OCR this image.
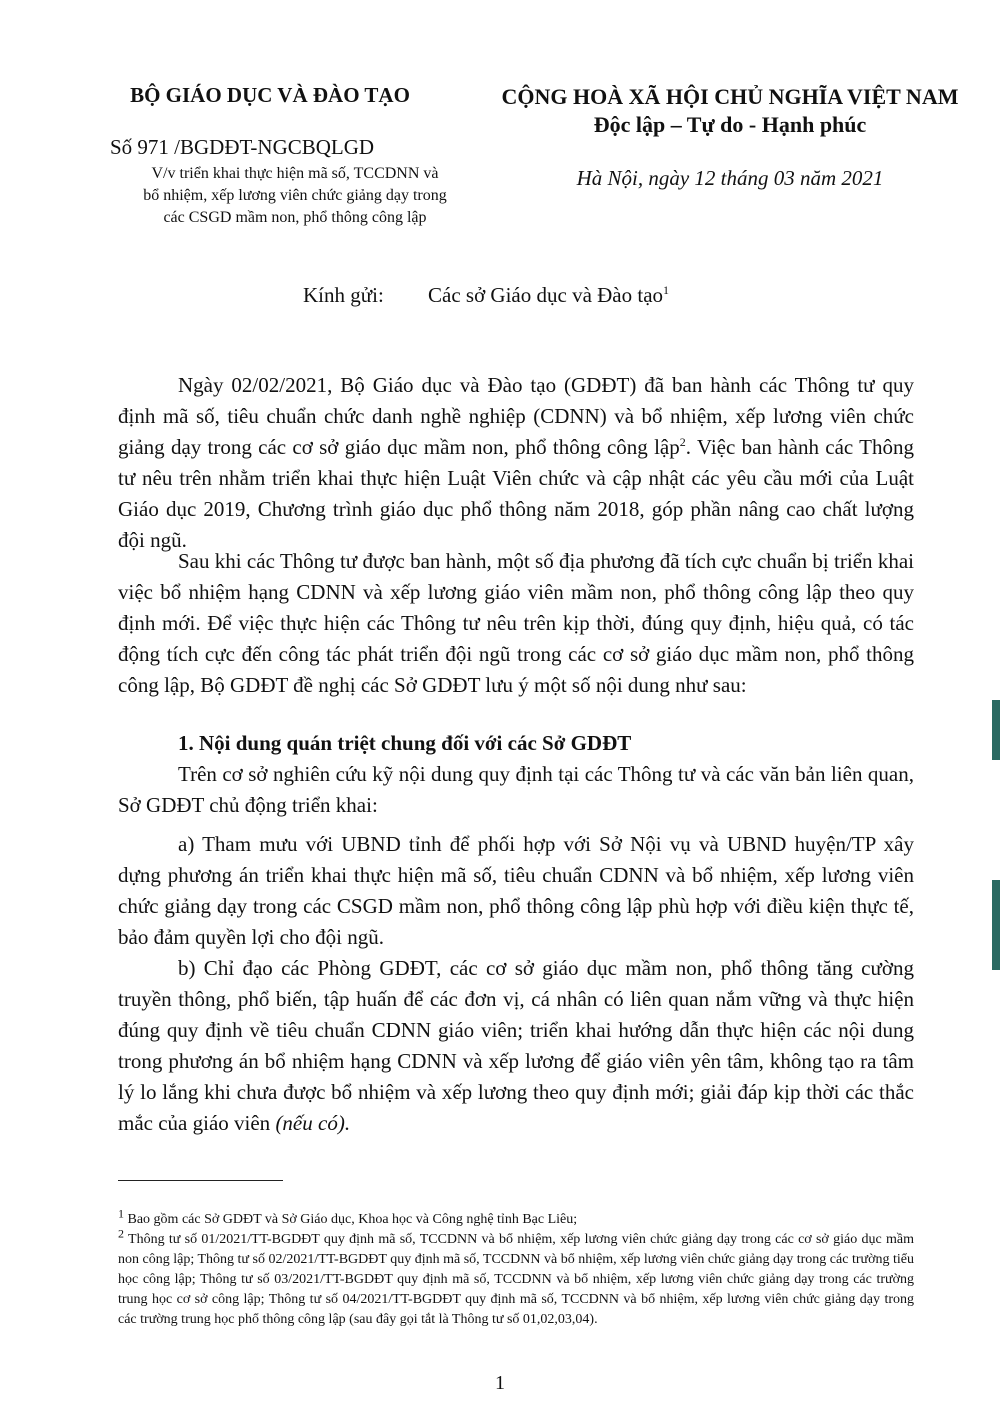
BỘ GIÁO DỤC VÀ ĐÀO TẠO
Số 971 /BGDĐT-NGCBQLGD
V/v triển khai thực hiện mã số, TCCDNN và
bổ nhiệm, xếp lương viên chức giảng dạy trong
các CSGD mầm non, phổ thông công lập
CỘNG HOÀ XÃ HỘI CHỦ NGHĨA VIỆT NAM
Độc lập – Tự do - Hạnh phúc
Hà Nội, ngày 12 tháng 03 năm 2021
Kính gửi: Các sở Giáo dục và Đào tạo$^1$

Ngày 02/02/2021, Bộ Giáo dục và Đào tạo (GDĐT) đã ban hành các Thông tư quy định mã số, tiêu chuẩn chức danh nghề nghiệp (CDNN) và bổ nhiệm, xếp lương viên chức giảng dạy trong các cơ sở giáo dục mầm non, phổ thông công lập$^2$. Việc ban hành các Thông tư nêu trên nhằm triển khai thực hiện Luật Viên chức và cập nhật các yêu cầu mới của Luật Giáo dục 2019, Chương trình giáo dục phổ thông năm 2018, góp phần nâng cao chất lượng đội ngũ.

Sau khi các Thông tư được ban hành, một số địa phương đã tích cực chuẩn bị triển khai việc bổ nhiệm hạng CDNN và xếp lương giáo viên mầm non, phổ thông công lập theo quy định mới. Để việc thực hiện các Thông tư nêu trên kịp thời, đúng quy định, hiệu quả, có tác động tích cực đến công tác phát triển đội ngũ trong các cơ sở giáo dục mầm non, phổ thông công lập, Bộ GDĐT đề nghị các Sở GDĐT lưu ý một số nội dung như sau:

1. Nội dung quán triệt chung đối với các Sở GDĐT

Trên cơ sở nghiên cứu kỹ nội dung quy định tại các Thông tư và các văn bản liên quan, Sở GDĐT chủ động triển khai:

a) Tham mưu với UBND tỉnh để phối hợp với Sở Nội vụ và UBND huyện/TP xây dựng phương án triển khai thực hiện mã số, tiêu chuẩn CDNN và bổ nhiệm, xếp lương viên chức giảng dạy trong các CSGD mầm non, phổ thông công lập phù hợp với điều kiện thực tế, bảo đảm quyền lợi cho đội ngũ.

b) Chỉ đạo các Phòng GDĐT, các cơ sở giáo dục mầm non, phổ thông tăng cường truyền thông, phổ biến, tập huấn để các đơn vị, cá nhân có liên quan nắm vững và thực hiện đúng quy định về tiêu chuẩn CDNN giáo viên; triển khai hướng dẫn thực hiện các nội dung trong phương án bổ nhiệm hạng CDNN và xếp lương để giáo viên yên tâm, không tạo ra tâm lý lo lắng khi chưa được bổ nhiệm và xếp lương theo quy định mới; giải đáp kịp thời các thắc mắc của giáo viên (nếu có).

$^1$ Bao gồm các Sở GDĐT và Sở Giáo dục, Khoa học và Công nghệ tỉnh Bạc Liêu;

$^2$ Thông tư số 01/2021/TT-BGDĐT quy định mã số, TCCDNN và bổ nhiệm, xếp lương viên chức giảng dạy trong các cơ sở giáo dục mầm non công lập; Thông tư số 02/2021/TT-BGDĐT quy định mã số, TCCDNN và bổ nhiệm, xếp lương viên chức giảng dạy trong các trường tiểu học công lập; Thông tư số 03/2021/TT-BGDĐT quy định mã số, TCCDNN và bổ nhiệm, xếp lương viên chức giảng dạy trong các trường trung học cơ sở công lập; Thông tư số 04/2021/TT-BGDĐT quy định mã số, TCCDNN và bổ nhiệm, xếp lương viên chức giảng dạy trong các trường trung học phổ thông công lập (sau đây gọi tắt là Thông tư số 01,02,03,04).

1
